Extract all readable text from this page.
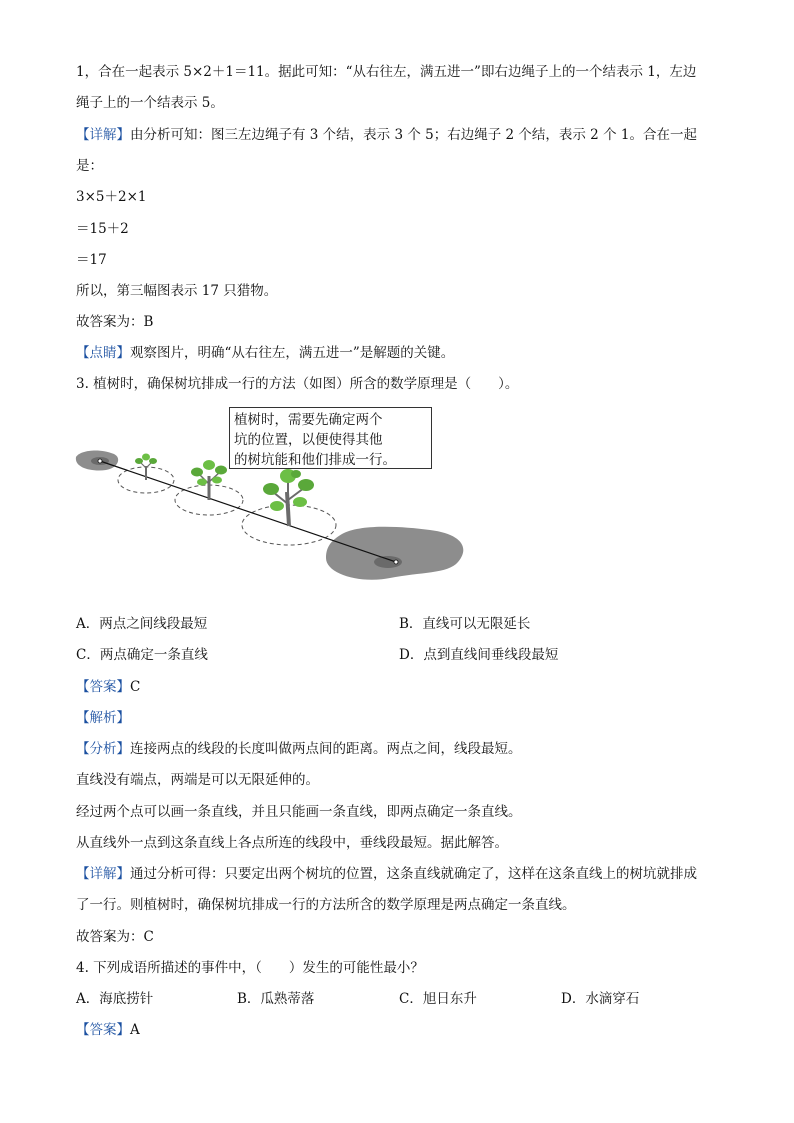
1，合在一起表示 5×2＋1＝11。据此可知：“从右往左，满五进一”即右边绳子上的一个结表示 1，左边
绳子上的一个结表示 5。
【详解】由分析可知：图三左边绳子有 3 个结，表示 3 个 5；右边绳子 2 个结，表示 2 个 1。合在一起
是：
3×5＋2×1
＝15＋2
＝17
所以，第三幅图表示 17 只猎物。
故答案为：B
【点睛】观察图片，明确“从右往左，满五进一”是解题的关键。
3. 植树时，确保树坑排成一行的方法（如图）所含的数学原理是（　　）。
植树时，需要先确定两个
坑的位置，以便使得其他
的树坑能和他们排成一行。
A．两点之间线段最短	B．直线可以无限延长
C．两点确定一条直线	D．点到直线间垂线段最短
【答案】C
【解析】
【分析】连接两点的线段的长度叫做两点间的距离。两点之间，线段最短。
直线没有端点，两端是可以无限延伸的。
经过两个点可以画一条直线，并且只能画一条直线，即两点确定一条直线。
从直线外一点到这条直线上各点所连的线段中，垂线段最短。据此解答。
【详解】通过分析可得：只要定出两个树坑的位置，这条直线就确定了，这样在这条直线上的树坑就排成
了一行。则植树时，确保树坑排成一行的方法所含的数学原理是两点确定一条直线。
故答案为：C
4. 下列成语所描述的事件中，（　　）发生的可能性最小？
A．海底捞针	B．瓜熟蒂落	C．旭日东升	D．水滴穿石
【答案】A
